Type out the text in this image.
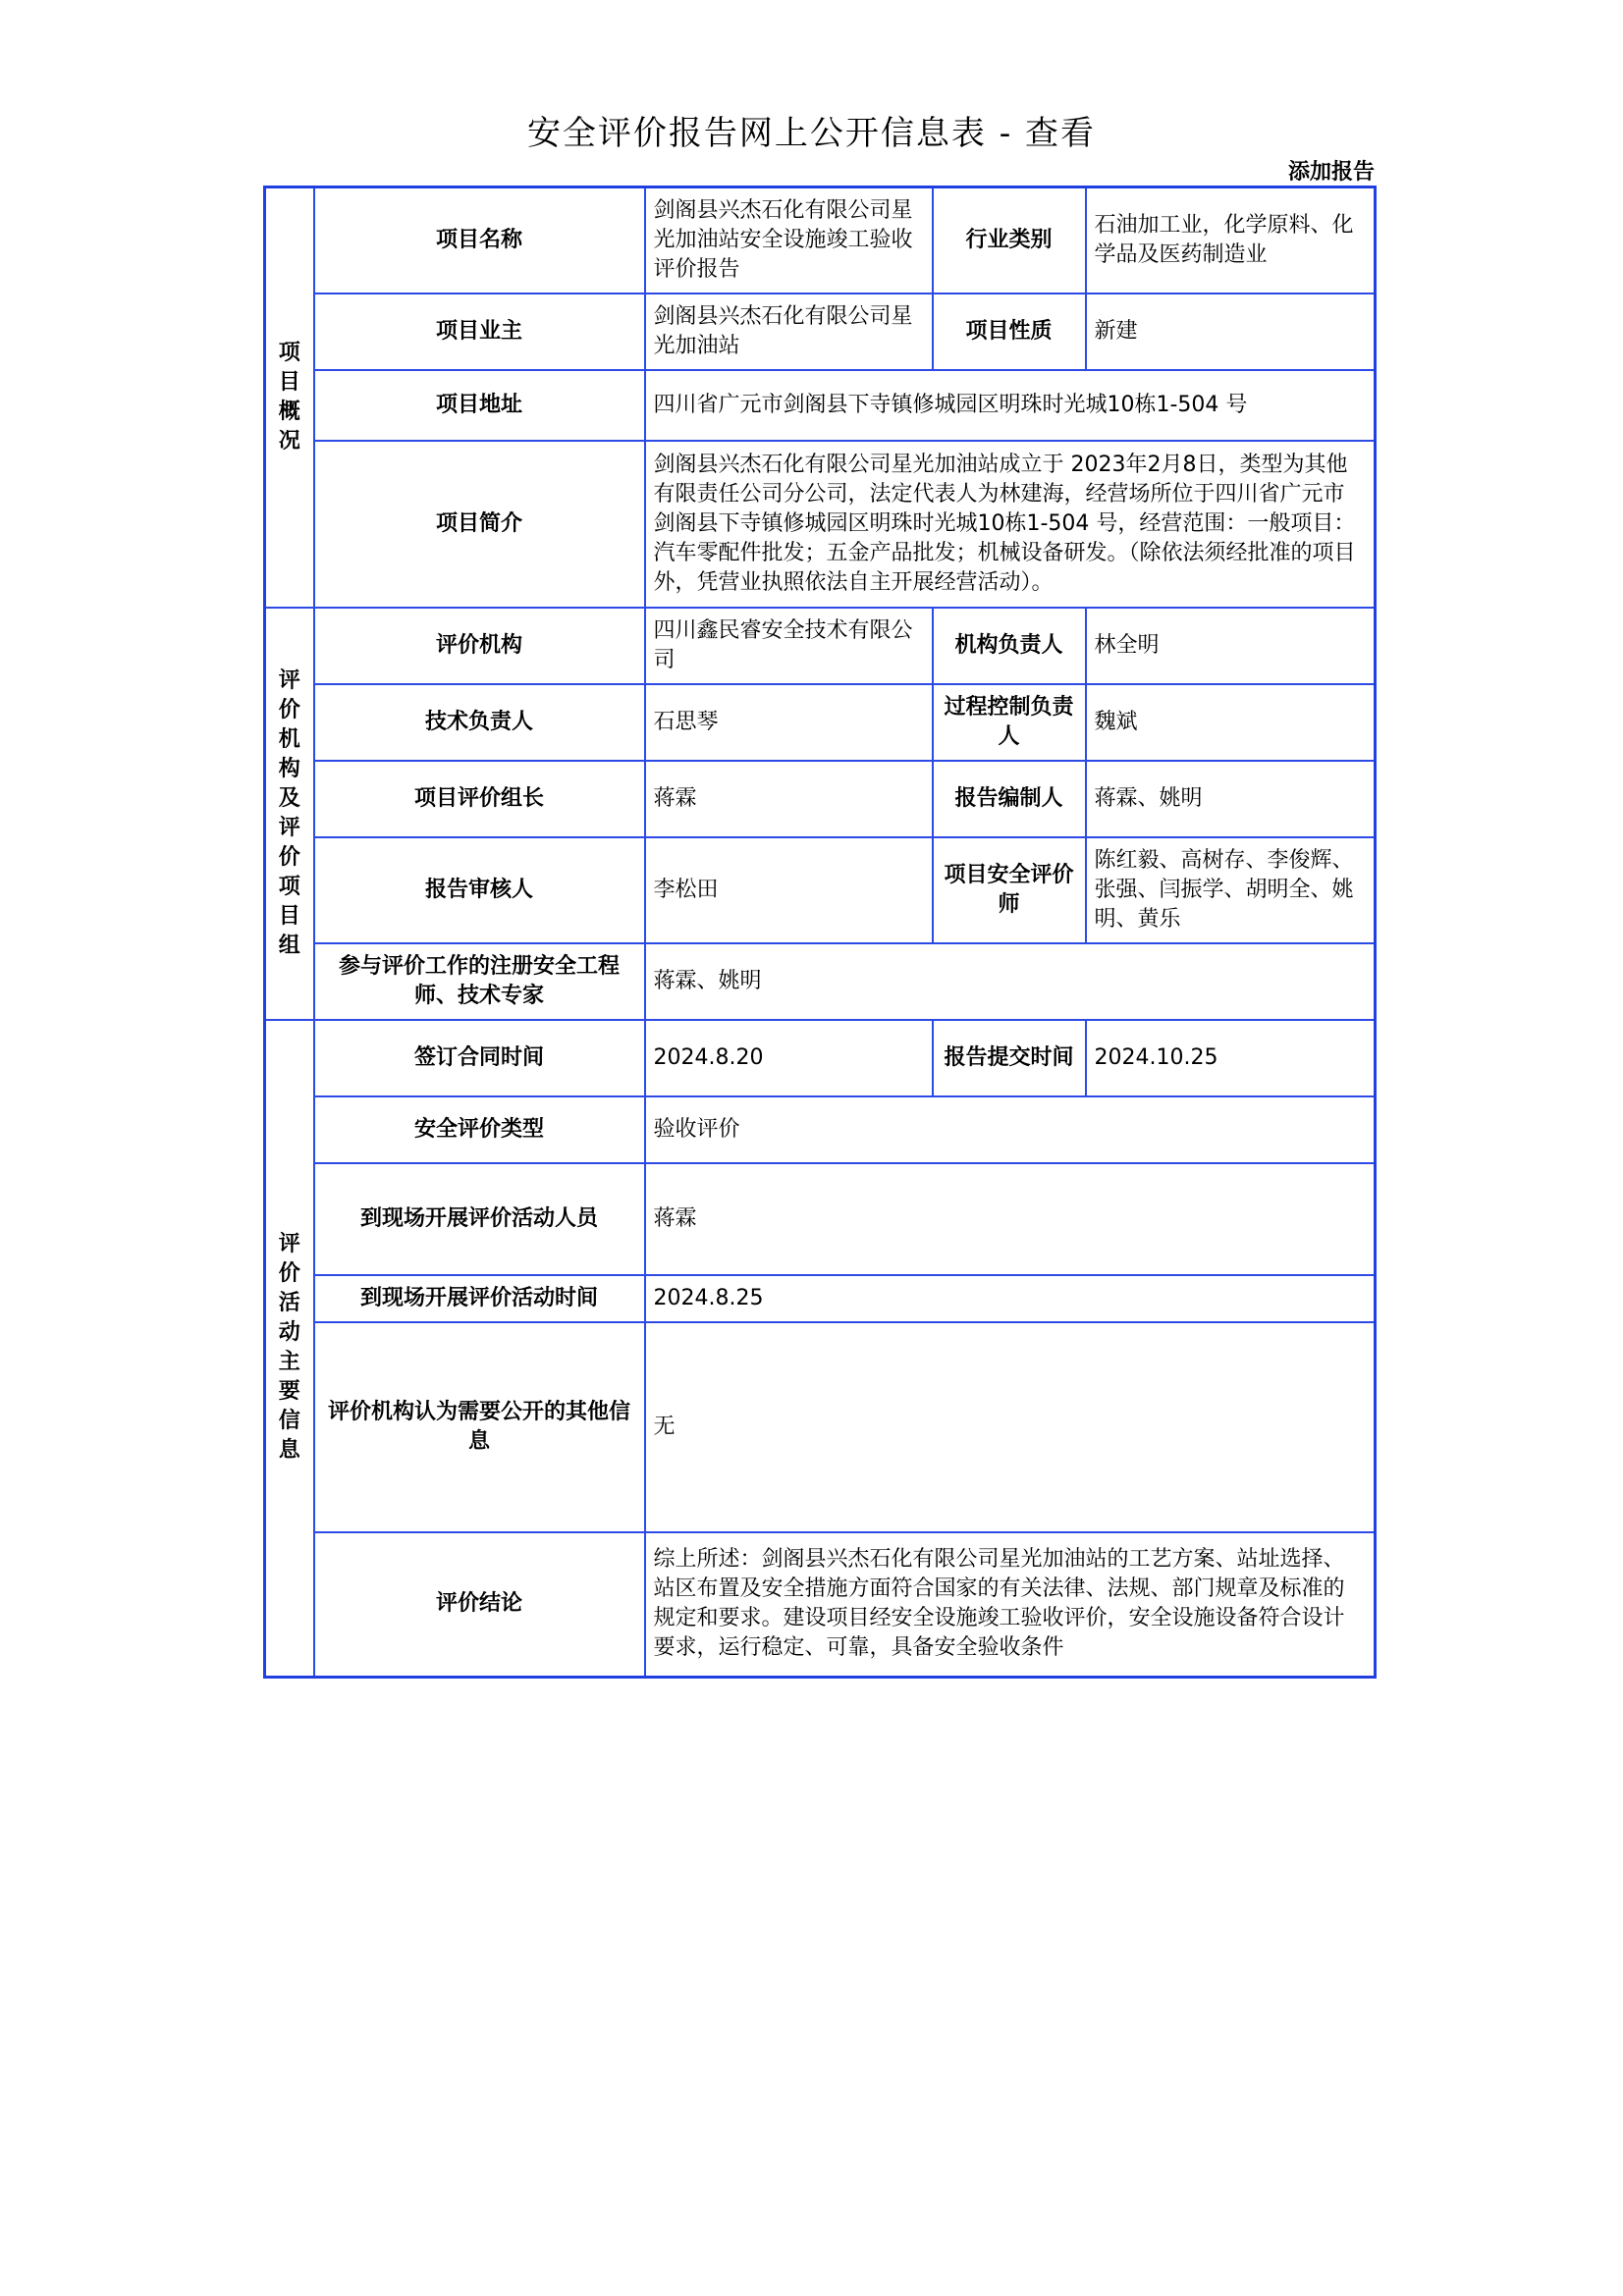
安全评价报告网上公开信息表 - 查看
添加报告
项目概况	项目名称	剑阁县兴杰石化有限公司星光加油站安全设施竣工验收评价报告	行业类别	石油加工业，化学原料、化学品及医药制造业
	项目业主	剑阁县兴杰石化有限公司星光加油站	项目性质	新建
	项目地址	四川省广元市剑阁县下寺镇修城园区明珠时光城10栋1-504 号		
	项目简介	剑阁县兴杰石化有限公司星光加油站成立于 2023年2月8日，类型为其他有限责任公司分公司，法定代表人为林建海，经营场所位于四川省广元市剑阁县下寺镇修城园区明珠时光城10栋1-504 号，经营范围：一般项目：汽车零配件批发；五金产品批发；机械设备研发。（除依法须经批准的项目外，凭营业执照依法自主开展经营活动）。		
评价机构及评价项目组	评价机构	四川鑫民睿安全技术有限公司	机构负责人	林全明
	技术负责人	石思琴	过程控制负责人	魏斌
	项目评价组长	蒋霖	报告编制人	蒋霖、姚明
	报告审核人	李松田	项目安全评价师	陈红毅、高树存、李俊辉、张强、闫振学、胡明全、姚明、黄乐
	参与评价工作的注册安全工程师、技术专家	蒋霖、姚明		
评价活动主要信息	签订合同时间	2024.8.20	报告提交时间	2024.10.25
	安全评价类型	验收评价		
	到现场开展评价活动人员	蒋霖		
	到现场开展评价活动时间	2024.8.25		
	评价机构认为需要公开的其他信息	无		
	评价结论	综上所述：剑阁县兴杰石化有限公司星光加油站的工艺方案、站址选择、站区布置及安全措施方面符合国家的有关法律、法规、部门规章及标准的规定和要求。建设项目经安全设施竣工验收评价，安全设施设备符合设计要求，运行稳定、可靠，具备安全验收条件		
